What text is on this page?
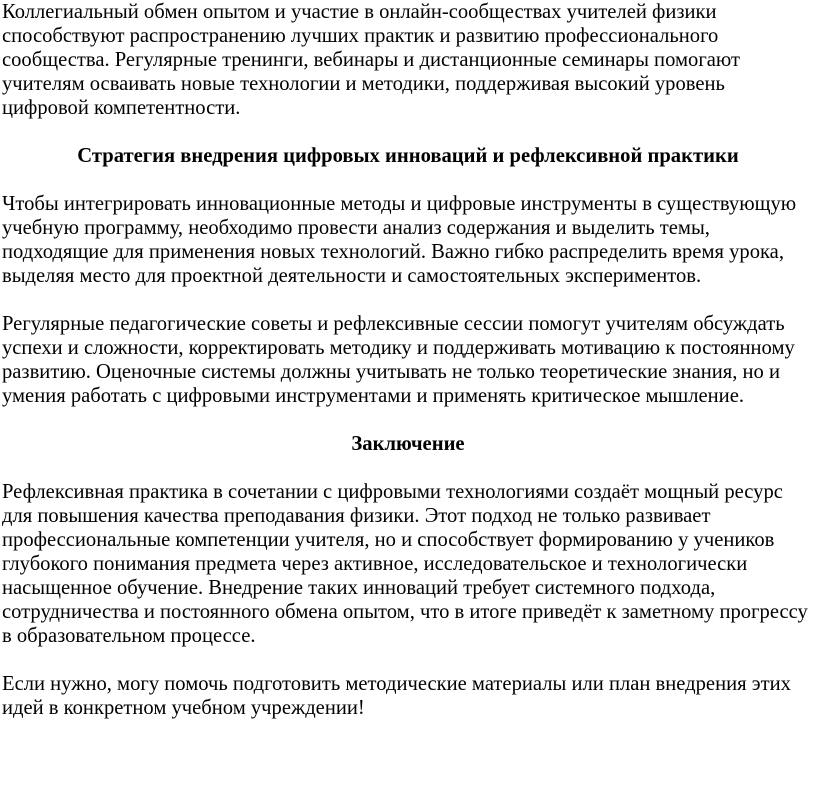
Коллегиальный обмен опытом и участие в онлайн-сообществах учителей физики способствуют распространению лучших практик и развитию профессионального сообщества. Регулярные тренинги, вебинары и дистанционные семинары помогают учителям осваивать новые технологии и методики, поддерживая высокий уровень цифровой компетентности.

Стратегия внедрения цифровых инноваций и рефлексивной практики

Чтобы интегрировать инновационные методы и цифровые инструменты в существующую учебную программу, необходимо провести анализ содержания и выделить темы, подходящие для применения новых технологий. Важно гибко распределить время урока, выделяя место для проектной деятельности и самостоятельных экспериментов.

Регулярные педагогические советы и рефлексивные сессии помогут учителям обсуждать успехи и сложности, корректировать методику и поддерживать мотивацию к постоянному развитию. Оценочные системы должны учитывать не только теоретические знания, но и умения работать с цифровыми инструментами и применять критическое мышление.

Заключение

Рефлексивная практика в сочетании с цифровыми технологиями создаёт мощный ресурс для повышения качества преподавания физики. Этот подход не только развивает профессиональные компетенции учителя, но и способствует формированию у учеников глубокого понимания предмета через активное, исследовательское и технологически насыщенное обучение. Внедрение таких инноваций требует системного подхода, сотрудничества и постоянного обмена опытом, что в итоге приведёт к заметному прогрессу в образовательном процессе.

Если нужно, могу помочь подготовить методические материалы или план внедрения этих идей в конкретном учебном учреждении!
